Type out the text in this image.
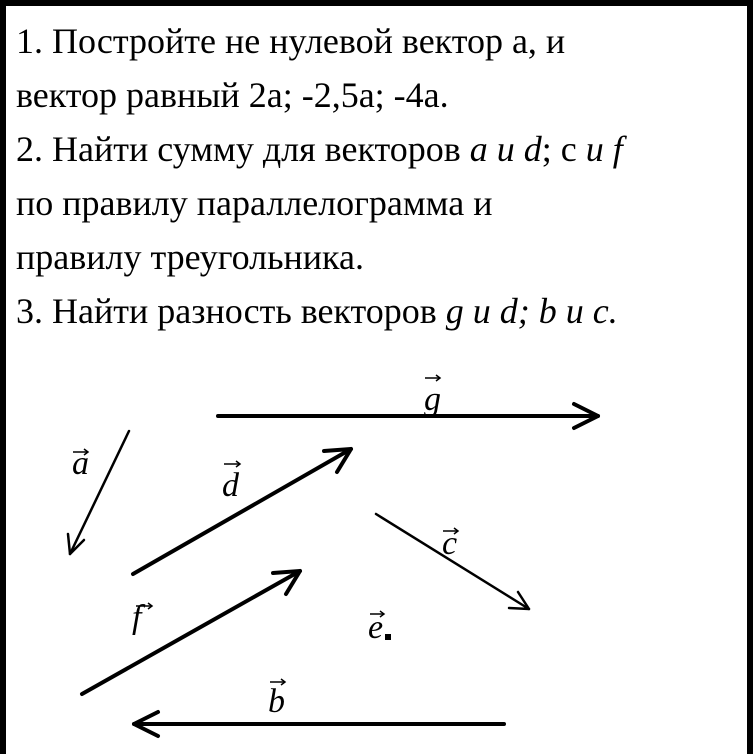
1. Постройте не нулевой вектор а, и
вектор равный 2а; -2,5а; -4а.
2. Найти сумму для векторов a и d; c и f
по правилу параллелограмма и
правилу треугольника.
3. Найти разность векторов g и d; b и c.
g
a
d
c
f	e
b
